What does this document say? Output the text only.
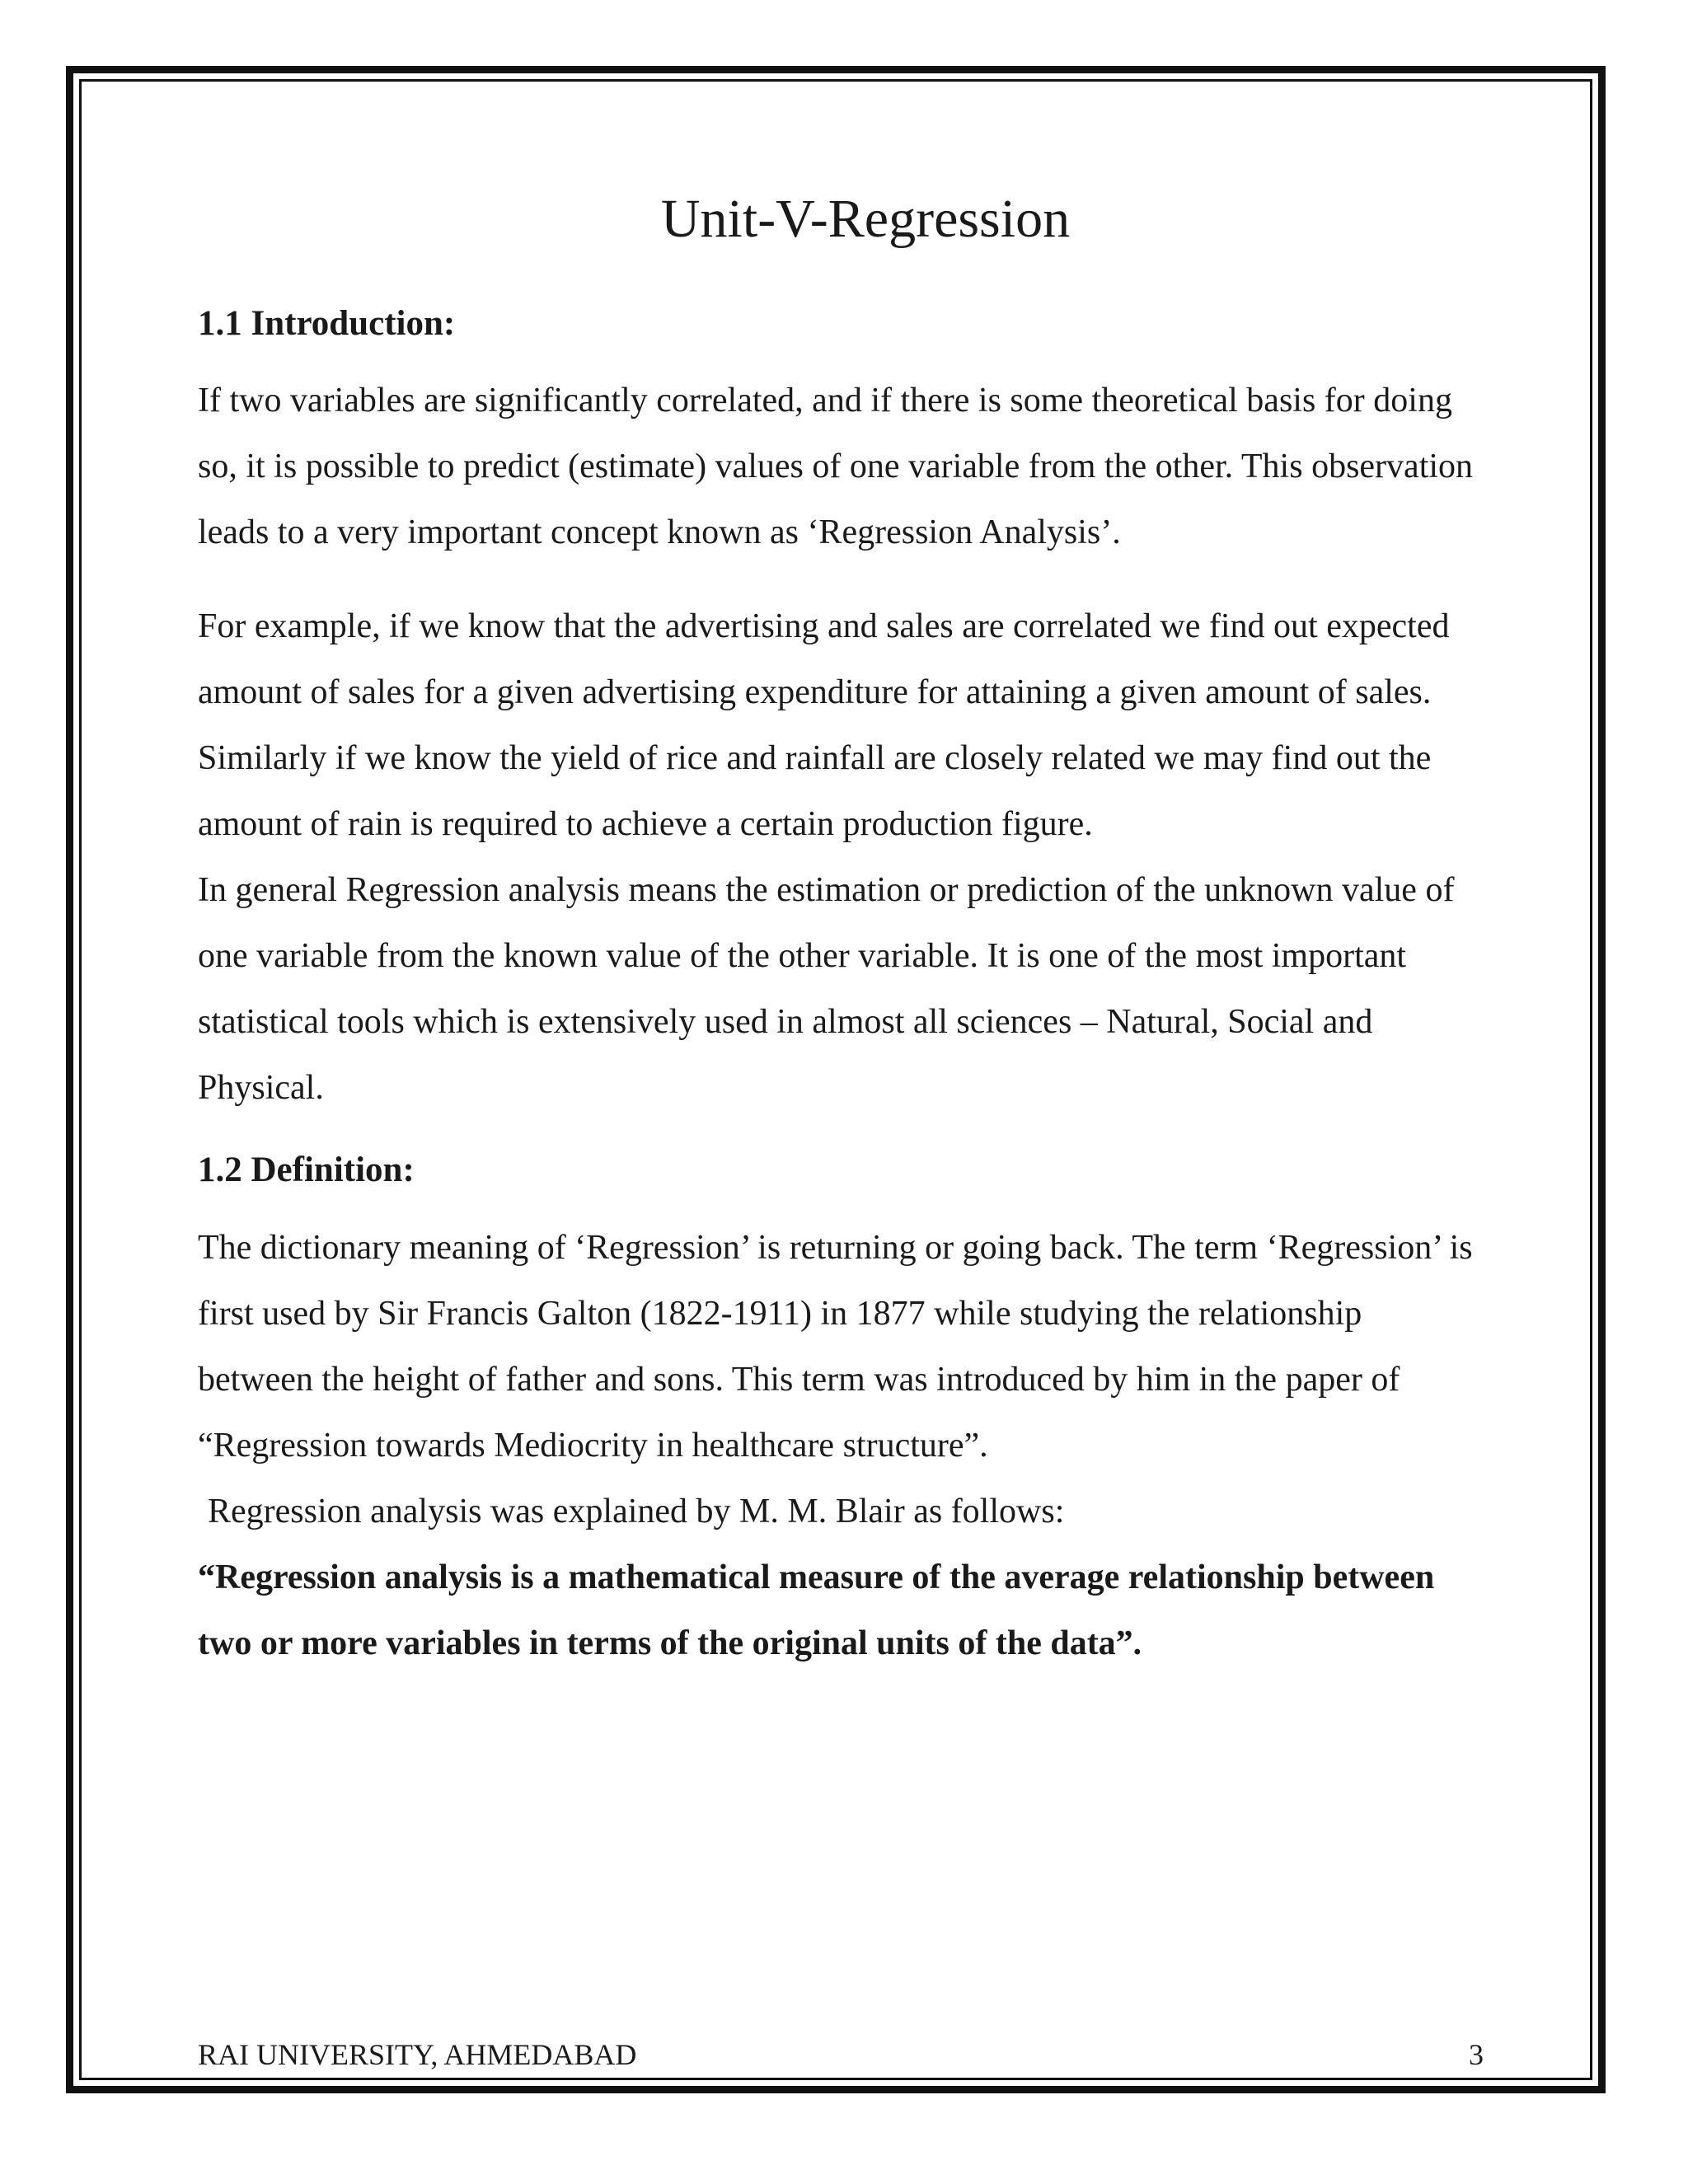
Unit-V-Regression
1.1 Introduction:

If two variables are significantly correlated, and if there is some theoretical basis for doing so, it is possible to predict (estimate) values of one variable from the other. This observation leads to a very important concept known as ‘Regression Analysis’.

For example, if we know that the advertising and sales are correlated we find out expected amount of sales for a given advertising expenditure for attaining a given amount of sales. Similarly if we know the yield of rice and rainfall are closely related we may find out the amount of rain is required to achieve a certain production figure.

In general Regression analysis means the estimation or prediction of the unknown value of one variable from the known value of the other variable. It is one of the most important statistical tools which is extensively used in almost all sciences – Natural, Social and Physical.

1.2 Definition:

The dictionary meaning of ‘Regression’ is returning or going back. The term ‘Regression’ is first used by Sir Francis Galton (1822-1911) in 1877 while studying the relationship between the height of father and sons. This term was introduced by him in the paper of “Regression towards Mediocrity in healthcare structure”.

Regression analysis was explained by M. M. Blair as follows:

“Regression analysis is a mathematical measure of the average relationship between two or more variables in terms of the original units of the data”.

RAI UNIVERSITY, AHMEDABAD	3
